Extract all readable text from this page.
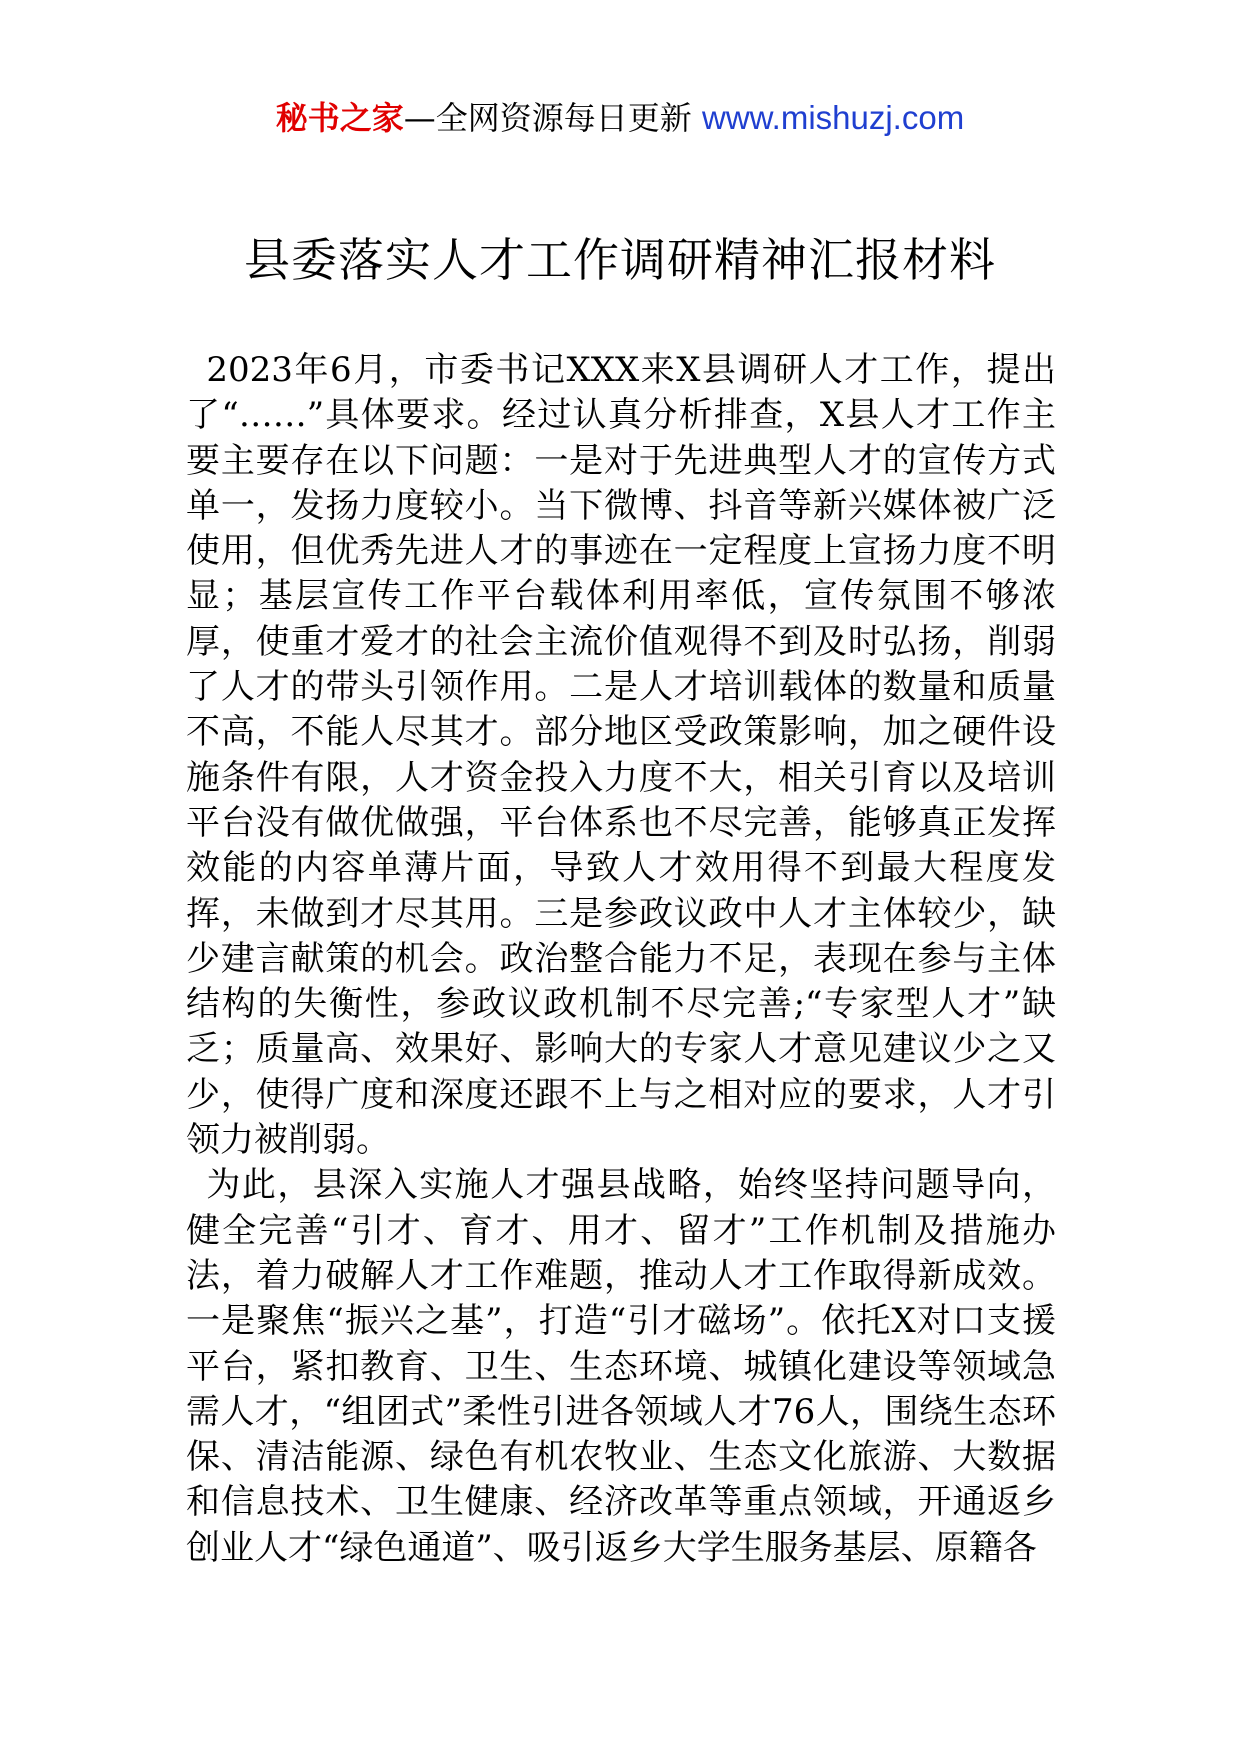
秘书之家—全网资源每日更新 www.mishuzj.com
县委落实人才工作调研精神汇报材料

2023年6月，市委书记XXX来X县调研人才工作，提出了“……”具体要求。经过认真分析排查，X县人才工作主要主要存在以下问题：一是对于先进典型人才的宣传方式单一，发扬力度较小。当下微博、抖音等新兴媒体被广泛使用，但优秀先进人才的事迹在一定程度上宣扬力度不明显；基层宣传工作平台载体利用率低，宣传氛围不够浓厚，使重才爱才的社会主流价值观得不到及时弘扬，削弱了人才的带头引领作用。二是人才培训载体的数量和质量不高，不能人尽其才。部分地区受政策影响，加之硬件设施条件有限，人才资金投入力度不大，相关引育以及培训平台没有做优做强，平台体系也不尽完善，能够真正发挥效能的内容单薄片面，导致人才效用得不到最大程度发挥，未做到才尽其用。三是参政议政中人才主体较少，缺少建言献策的机会。政治整合能力不足，表现在参与主体结构的失衡性，参政议政机制不尽完善;“专家型人才”缺乏；质量高、效果好、影响大的专家人才意见建议少之又少，使得广度和深度还跟不上与之相对应的要求，人才引领力被削弱。

为此，县深入实施人才强县战略，始终坚持问题导向，健全完善“引才、育才、用才、留才”工作机制及措施办法，着力破解人才工作难题，推动人才工作取得新成效。一是聚焦“振兴之基”，打造“引才磁场”。依托X对口支援平台，紧扣教育、卫生、生态环境、城镇化建设等领域急需人才，“组团式”柔性引进各领域人才76人，围绕生态环保、清洁能源、绿色有机农牧业、生态文化旅游、大数据和信息技术、卫生健康、经济改革等重点领域，开通返乡创业人才“绿色通道”、吸引返乡大学生服务基层、原籍各
